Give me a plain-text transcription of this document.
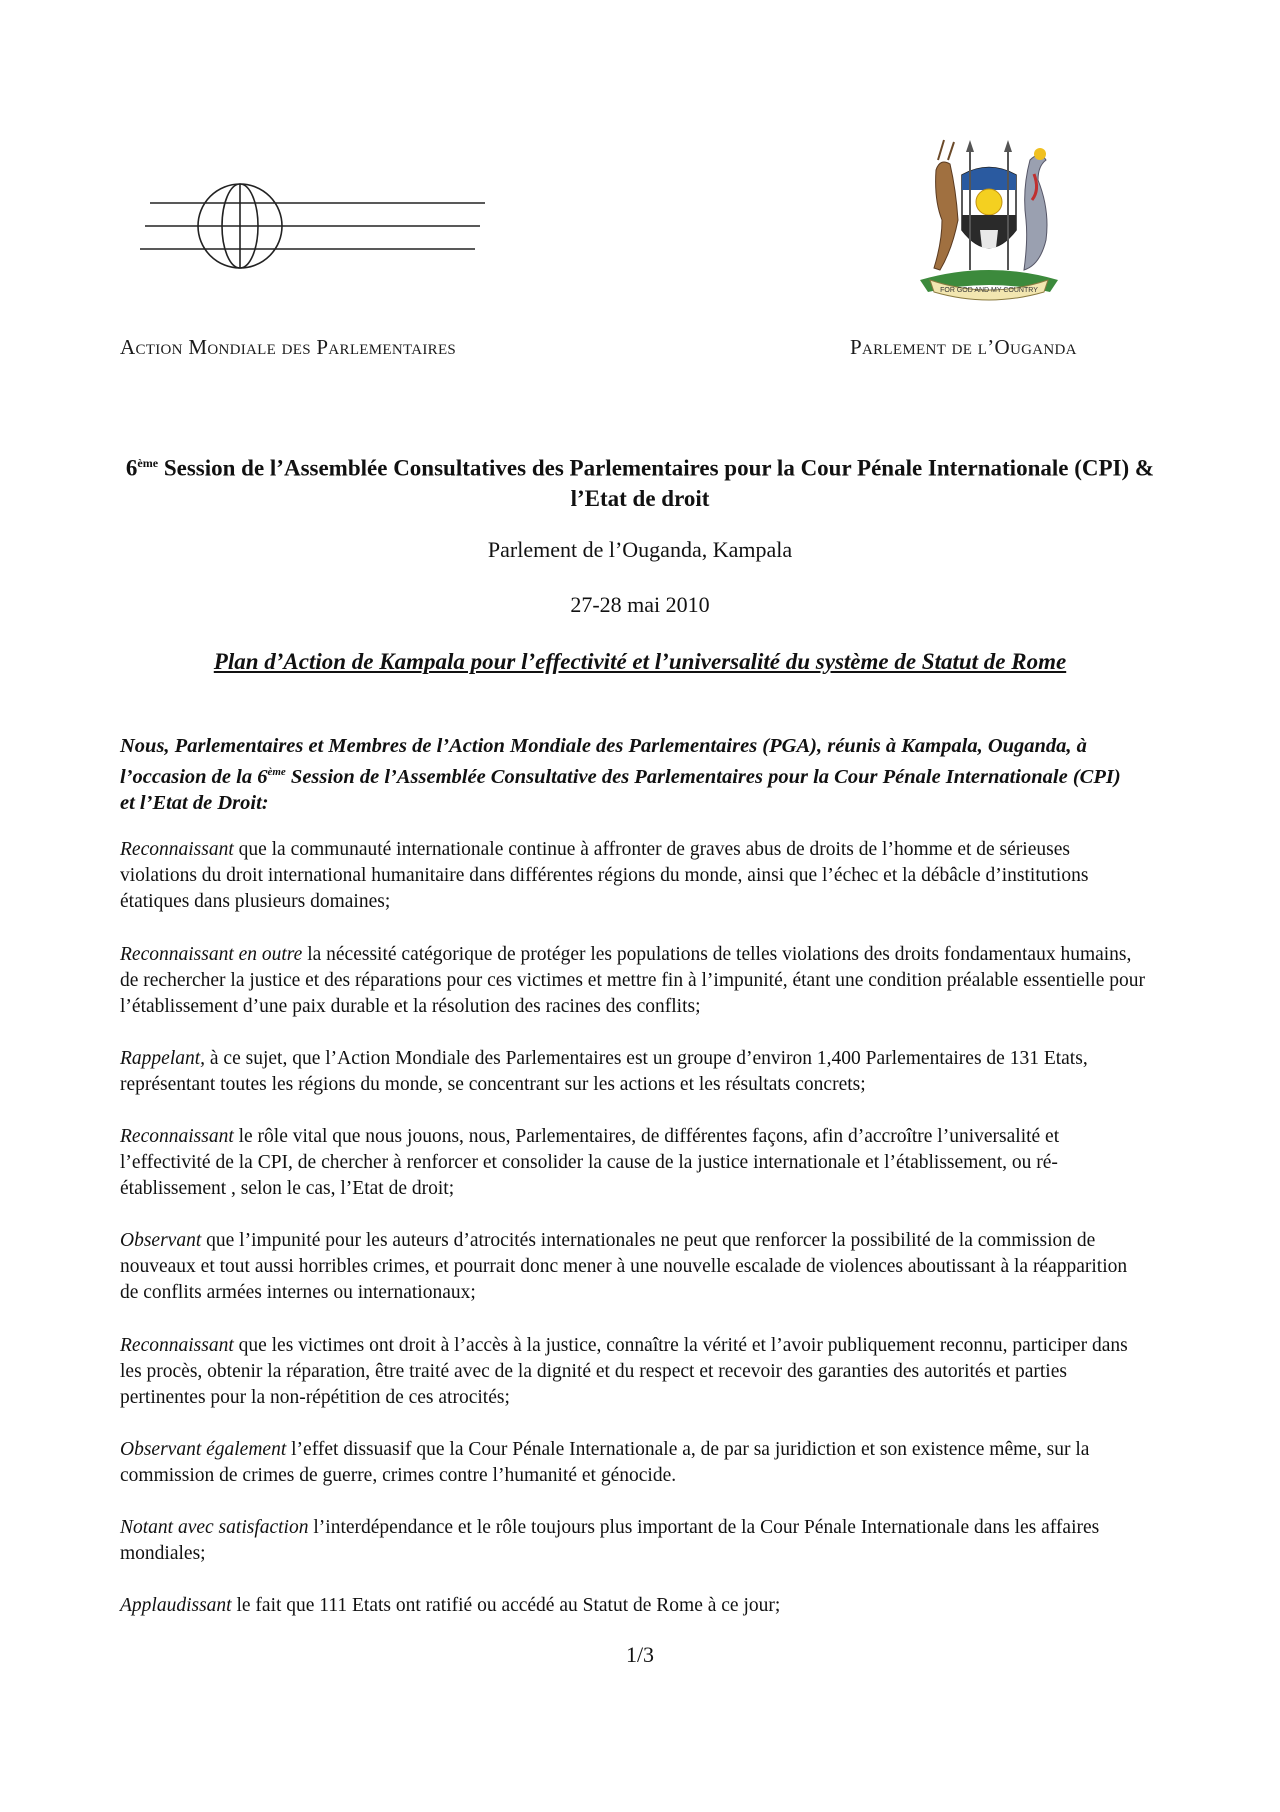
FOR GOD AND MY COUNTRY
Action Mondiale des Parlementaires	Parlement de l’Ouganda
6ème Session de l’Assemblée Consultatives des Parlementaires pour la Cour Pénale Internationale (CPI) & l’Etat de droit
Parlement de l’Ouganda, Kampala
27-28 mai 2010
Plan d’Action de Kampala pour l’effectivité et l’universalité du système de Statut de Rome
Nous, Parlementaires et Membres de l’Action Mondiale des Parlementaires (PGA), réunis à Kampala, Ouganda, à l’occasion de la 6ème Session de l’Assemblée Consultative des Parlementaires pour la Cour Pénale Internationale (CPI) et l’Etat de Droit:
Reconnaissant que la communauté internationale continue à affronter de graves abus de droits de l’homme et de sérieuses violations du droit international humanitaire dans différentes régions du monde, ainsi que l’échec et la débâcle d’institutions étatiques dans plusieurs domaines;
Reconnaissant en outre la nécessité catégorique de protéger les populations de telles violations des droits fondamentaux humains, de rechercher la justice et des réparations pour ces victimes et mettre fin à l’impunité, étant une condition préalable essentielle pour l’établissement d’une paix durable et la résolution des racines des conflits;
Rappelant, à ce sujet, que l’Action Mondiale des Parlementaires est un groupe d’environ 1,400 Parlementaires de 131 Etats, représentant toutes les régions du monde, se concentrant sur les actions et les résultats concrets;
Reconnaissant le rôle vital que nous jouons, nous, Parlementaires, de différentes façons, afin d’accroître l’universalité et l’effectivité de la CPI, de chercher à renforcer et consolider la cause de la justice internationale et l’établissement, ou ré-établissement , selon le cas, l’Etat de droit;
Observant que l’impunité pour les auteurs d’atrocités internationales ne peut que renforcer la possibilité de la commission de nouveaux et tout aussi horribles crimes, et pourrait donc mener à une nouvelle escalade de violences aboutissant à la réapparition de conflits armées internes ou internationaux;
Reconnaissant que les victimes ont droit à l’accès à la justice, connaître la vérité et l’avoir publiquement reconnu, participer dans les procès, obtenir la réparation, être traité avec de la dignité et du respect et recevoir des garanties des autorités et parties pertinentes pour la non-répétition de ces atrocités;
Observant également l’effet dissuasif que la Cour Pénale Internationale a, de par sa juridiction et son existence même, sur la commission de crimes de guerre, crimes contre l’humanité et génocide.
Notant avec satisfaction l’interdépendance et le rôle toujours plus important de la Cour Pénale Internationale dans les affaires mondiales;
Applaudissant le fait que 111 Etats ont ratifié ou accédé au Statut de Rome à ce jour;
1/3
